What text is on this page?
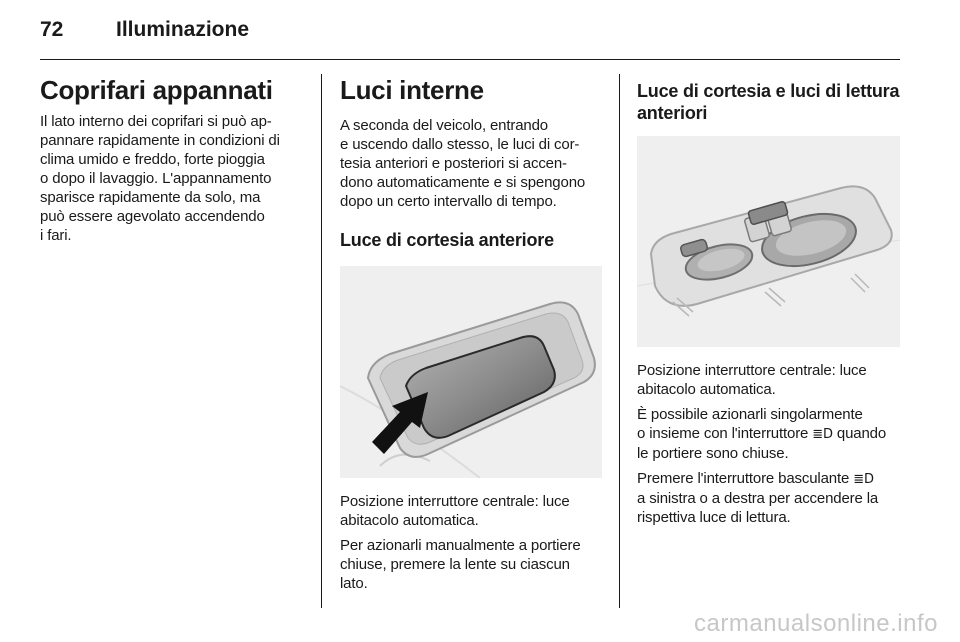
72	Illuminazione
Coprifari appannati

Il lato interno dei coprifari si può ap-
pannare rapidamente in condizioni di
clima umido e freddo, forte pioggia
o dopo il lavaggio. L'appannamento
sparisce rapidamente da solo, ma
può essere agevolato accendendo
i fari.

Luci interne

A seconda del veicolo, entrando
e uscendo dallo stesso, le luci di cor-
tesia anteriori e posteriori si accen-
dono automaticamente e si spengono
dopo un certo intervallo di tempo.

Luce di cortesia anteriore

Posizione interruttore centrale: luce
abitacolo automatica.

Per azionarli manualmente a portiere
chiuse, premere la lente su ciascun
lato.

Luce di cortesia e luci di lettura
anteriori

Posizione interruttore centrale: luce
abitacolo automatica.

È possibile azionarli singolarmente
o insieme con l'interruttore ≣D quando
le portiere sono chiuse.

Premere l'interruttore basculante ≣D
a sinistra o a destra per accendere la
rispettiva luce di lettura.

carmanualsonline.info
